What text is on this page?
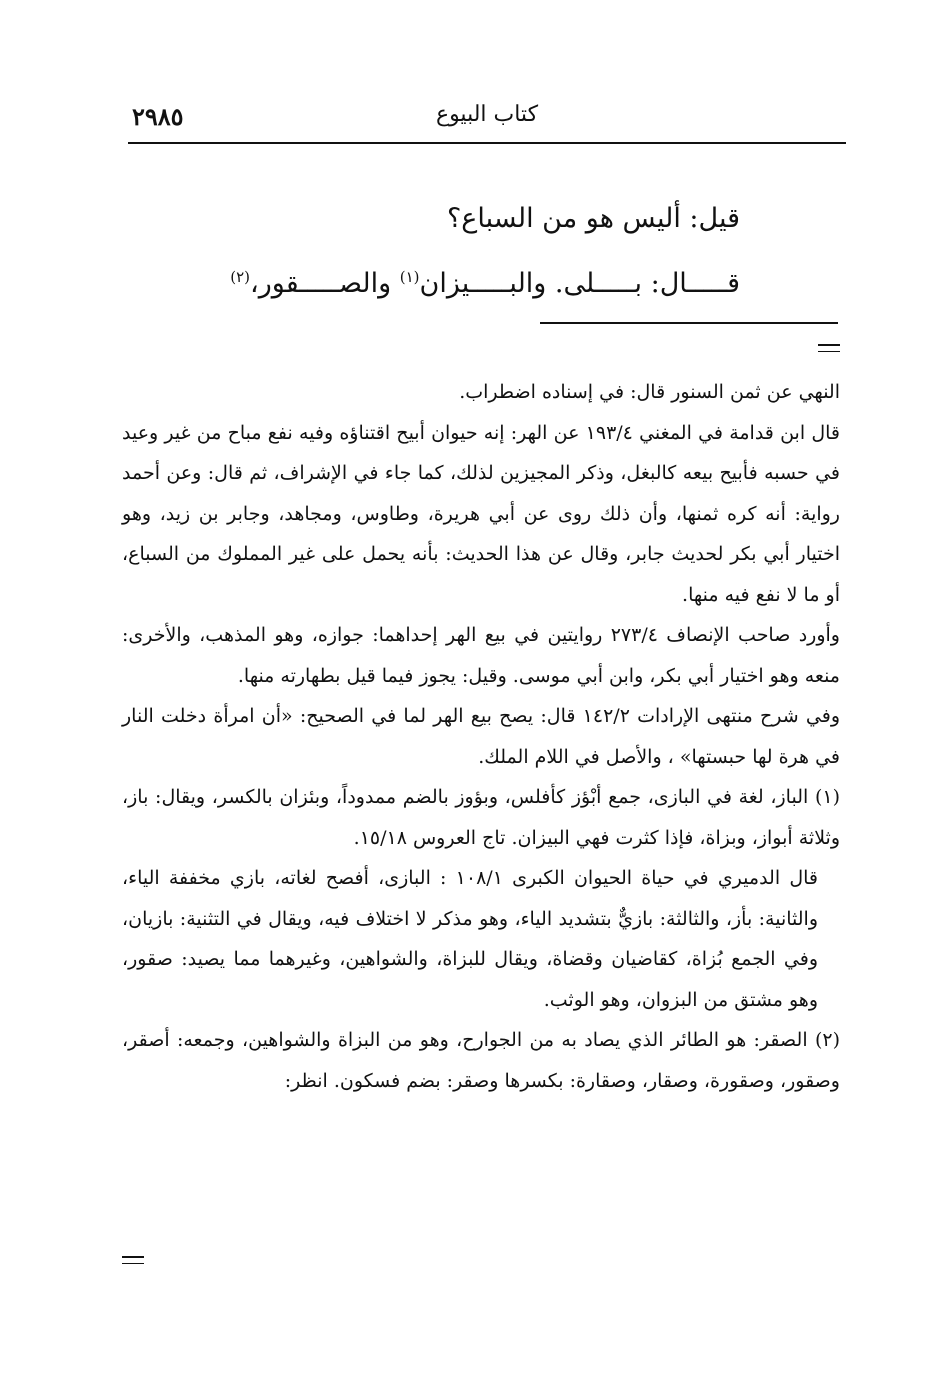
٢٩٨٥	كتاب البيوع

قيل: أليس هو من السباع؟

قـــــال: بـــــلى. والبـــــيزان$^{(١)}$ والصـــــقور،$^{(٢)}$

النهي عن ثمن السنور قال: في إسناده اضطراب.

قال ابن قدامة في المغني ١٩٣/٤ عن الهر: إنه حيوان أبيح اقتناؤه وفيه نفع مباح من غير وعيد في حسبه فأبيح بيعه كالبغل، وذكر المجيزين لذلك، كما جاء في الإشراف، ثم قال: وعن أحمد رواية: أنه كره ثمنها، وأن ذلك روى عن أبي هريرة، وطاوس، ومجاهد، وجابر بن زيد، وهو اختيار أبي بكر لحديث جابر، وقال عن هذا الحديث: بأنه يحمل على غير المملوك من السباع، أو ما لا نفع فيه منها.

وأورد صاحب الإنصاف ٢٧٣/٤ روايتين في بيع الهر إحداهما: جوازه، وهو المذهب، والأخرى: منعه وهو اختيار أبي بكر، وابن أبي موسى. وقيل: يجوز فيما قيل بطهارته منها.

وفي شرح منتهى الإرادات ١٤٢/٢ قال: يصح بيع الهر لما في الصحيح: «أن امرأة دخلت النار في هرة لها حبستها» ، والأصل في اللام الملك.

(١) الباز، لغة في البازى، جمع أبْؤز كأفلس، وبؤوز بالضم ممدوداً، وبئزان بالكسر، ويقال: باز، وثلاثة أبواز، وبزاة، فإذا كثرت فهي البيزان. تاج العروس ١٥/١٨.

قال الدميري في حياة الحيوان الكبرى ١٠٨/١ : البازى، أفصح لغاته، بازي مخففة الياء، والثانية: بأز، والثالثة: بازيٌّ بتشديد الياء، وهو مذكر لا اختلاف فيه، ويقال في التثنية: بازيان، وفي الجمع بُزاة، كقاضيان وقضاة، ويقال للبزاة، والشواهين، وغيرهما مما يصيد: صقور، وهو مشتق من البزوان، وهو الوثب.

(٢) الصقر: هو الطائر الذي يصاد به من الجوارح، وهو من البزاة والشواهين، وجمعه: أصقر، وصقور، وصقورة، وصقار، وصقارة: بكسرها وصقر: بضم فسكون. انظر:
